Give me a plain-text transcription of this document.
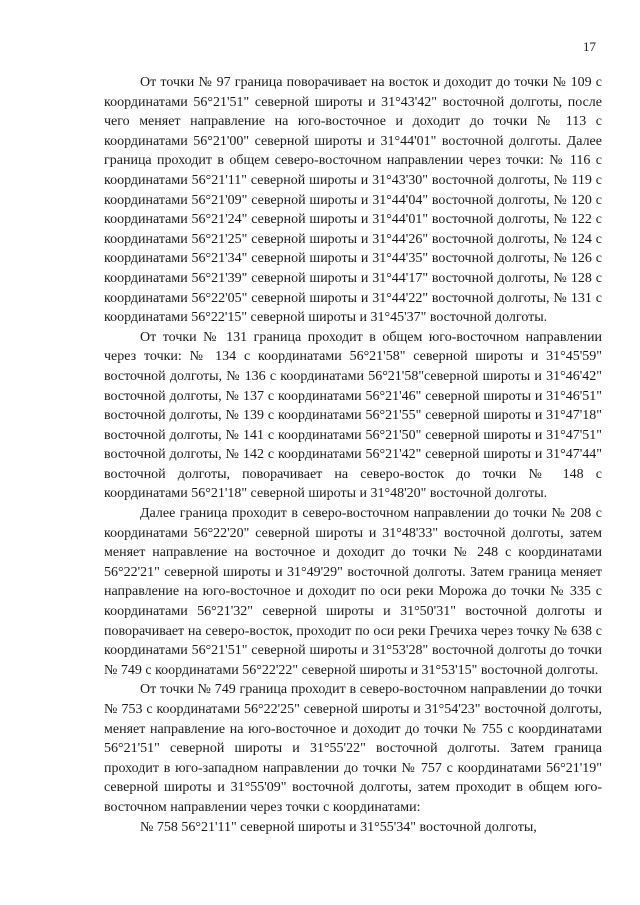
17

От точки № 97 граница поворачивает на восток и доходит до точки № 109 с координатами 56°21'51" северной широты и 31°43'42" восточной долготы, после чего меняет направление на юго-восточное и доходит до точки № 113 с координатами 56°21'00" северной широты и 31°44'01" восточной долготы. Далее граница проходит в общем северо-восточном направлении через точки: № 116 с координатами 56°21'11" северной широты и 31°43'30" восточной долготы, № 119 с координатами 56°21'09" северной широты и 31°44'04" восточной долготы, № 120 с координатами 56°21'24" северной широты и 31°44'01" восточной долготы, № 122 с координатами 56°21'25" северной широты и 31°44'26" восточной долготы, № 124 с координатами 56°21'34" северной широты и 31°44'35" восточной долготы, № 126 с координатами 56°21'39" северной широты и 31°44'17" восточной долготы, № 128 с координатами 56°22'05" северной широты и 31°44'22" восточной долготы, № 131 с координатами 56°22'15" северной широты и 31°45'37" восточной долготы.

От точки № 131 граница проходит в общем юго-восточном направлении через точки: № 134 с координатами 56°21'58" северной широты и 31°45'59" восточной долготы, № 136 с координатами 56°21'58"северной широты и 31°46'42" восточной долготы, № 137 с координатами 56°21'46" северной широты и 31°46'51" восточной долготы, № 139 с координатами 56°21'55" северной широты и 31°47'18" восточной долготы, № 141 с координатами 56°21'50" северной широты и 31°47'51" восточной долготы, № 142 с координатами 56°21'42" северной широты и 31°47'44" восточной долготы, поворачивает на северо-восток до точки № 148 с координатами 56°21'18" северной широты и 31°48'20" восточной долготы.

Далее граница проходит в северо-восточном направлении до точки № 208 с координатами 56°22'20" северной широты и 31°48'33" восточной долготы, затем меняет направление на восточное и доходит до точки № 248 с координатами 56°22'21" северной широты и 31°49'29" восточной долготы. Затем граница меняет направление на юго-восточное и доходит по оси реки Морожа до точки № 335 с координатами 56°21'32" северной широты и 31°50'31" восточной долготы и поворачивает на северо-восток, проходит по оси реки Гречиха через точку № 638 с координатами 56°21'51" северной широты и 31°53'28" восточной долготы до точки № 749 с координатами 56°22'22" северной широты и 31°53'15" восточной долготы.

От точки № 749 граница проходит в северо-восточном направлении до точки № 753 с координатами 56°22'25" северной широты и 31°54'23" восточной долготы, меняет направление на юго-восточное и доходит до точки № 755 с координатами 56°21'51" северной широты и 31°55'22" восточной долготы. Затем граница проходит в юго-западном направлении до точки № 757 с координатами 56°21'19" северной широты и 31°55'09" восточной долготы, затем проходит в общем юго-восточном направлении через точки с координатами:

№ 758 56°21'11" северной широты и 31°55'34" восточной долготы,
